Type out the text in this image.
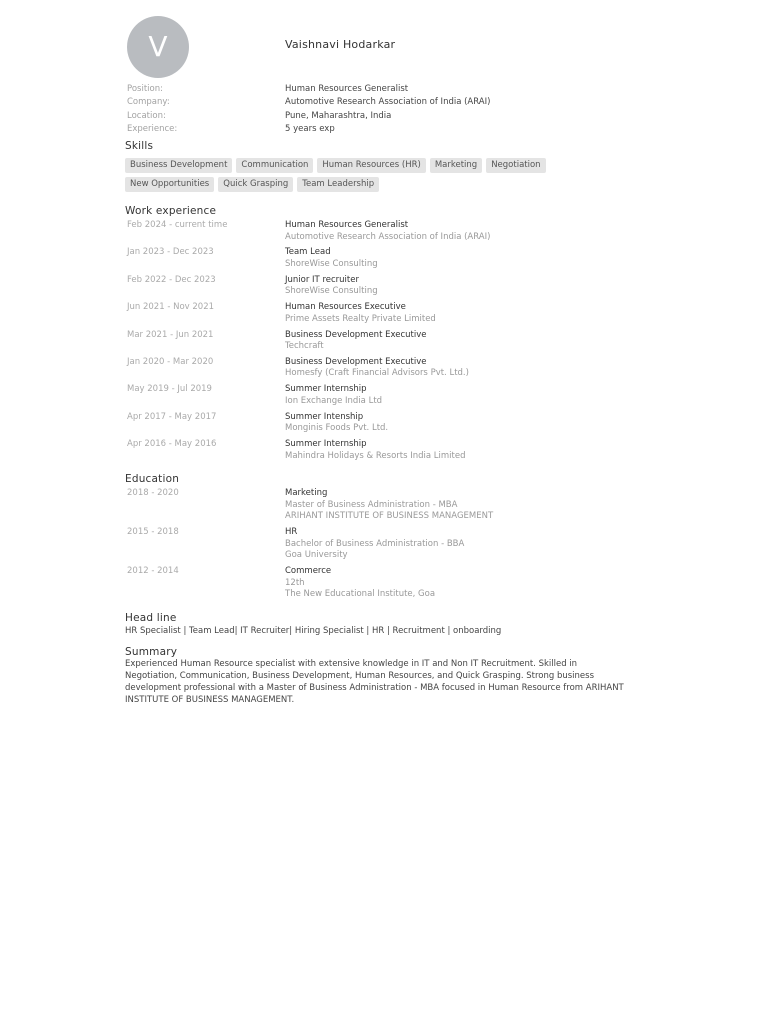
V	Vaishnavi Hodarkar
Position:	Human Resources Generalist
Company:	Automotive Research Association of India (ARAI)
Location:	Pune, Maharashtra, India
Experience:	5 years exp
Skills
Business Development	Communication	Human Resources (HR)	Marketing	Negotiation
New Opportunities	Quick Grasping	Team Leadership
Work experience
Feb 2024 - current time	Human Resources Generalist
Automotive Research Association of India (ARAI)
Jan 2023 - Dec 2023	Team Lead
ShoreWise Consulting
Feb 2022 - Dec 2023	Junior IT recruiter
ShoreWise Consulting
Jun 2021 - Nov 2021	Human Resources Executive
Prime Assets Realty Private Limited
Mar 2021 - Jun 2021	Business Development Executive
Techcraft
Jan 2020 - Mar 2020	Business Development Executive
Homesfy (Craft Financial Advisors Pvt. Ltd.)
May 2019 - Jul 2019	Summer Internship
Ion Exchange India Ltd
Apr 2017 - May 2017	Summer Intenship
Monginis Foods Pvt. Ltd.
Apr 2016 - May 2016	Summer Internship
Mahindra Holidays & Resorts India Limited
Education
2018 - 2020	Marketing
Master of Business Administration - MBA
ARIHANT INSTITUTE OF BUSINESS MANAGEMENT
2015 - 2018	HR
Bachelor of Business Administration - BBA
Goa University
2012 - 2014	Commerce
12th
The New Educational Institute, Goa
Head line
HR Specialist | Team Lead| IT Recruiter| Hiring Specialist | HR | Recruitment | onboarding
Summary
Experienced Human Resource specialist with extensive knowledge in IT and Non IT Recruitment. Skilled in Negotiation, Communication, Business Development, Human Resources, and Quick Grasping. Strong business development professional with a Master of Business Administration - MBA focused in Human Resource from ARIHANT INSTITUTE OF BUSINESS MANAGEMENT.
